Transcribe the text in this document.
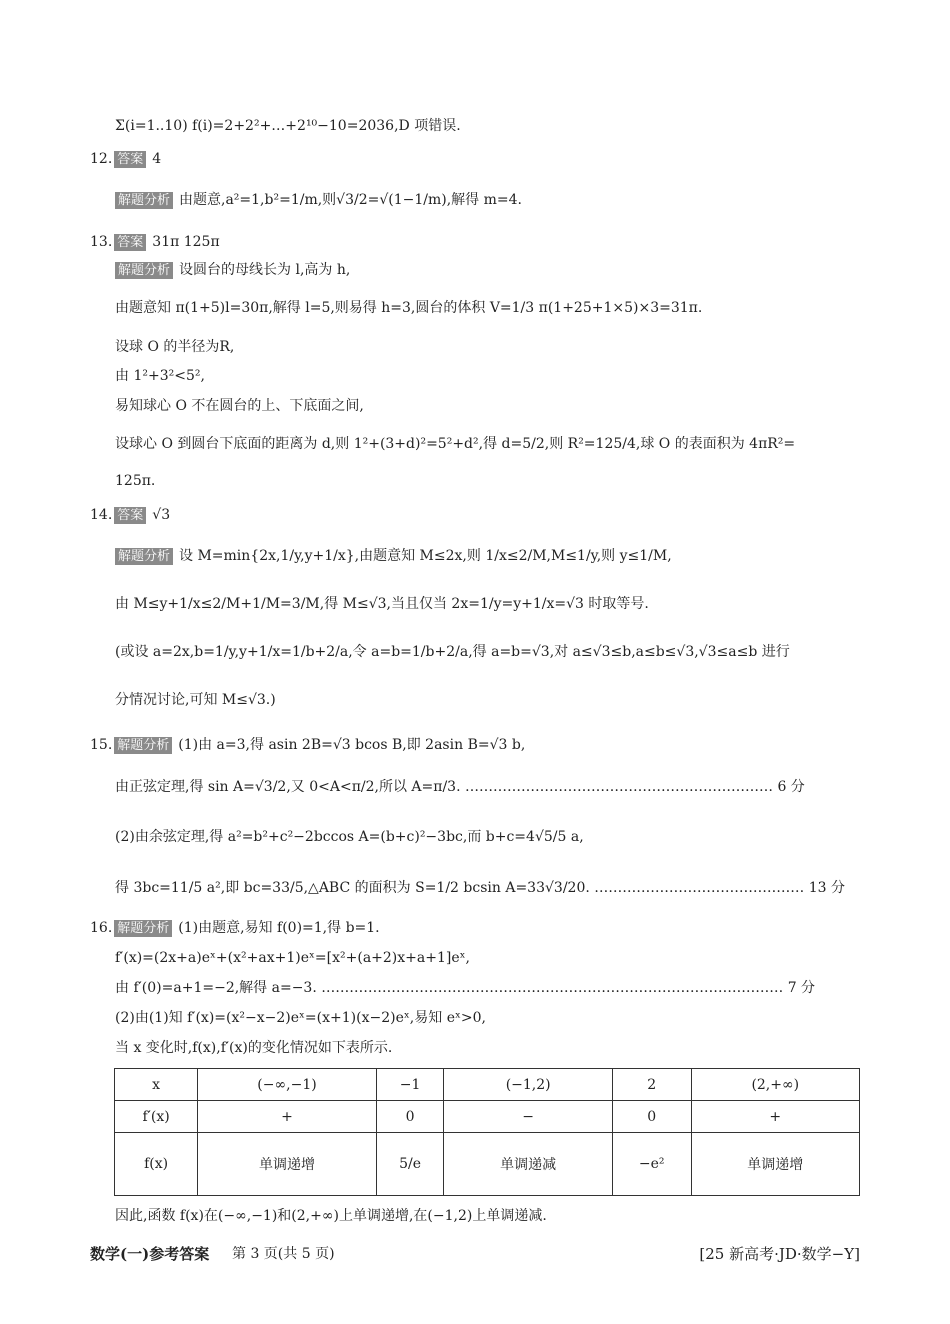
Σ(i=1..10) f(i)=2+2²+…+2¹⁰−10=2036,D 项错误.
12. 答案 4
解题分析 由题意,a²=1,b²=1/m,则√3/2=√(1−1/m),解得 m=4.
13. 答案 31π 125π
解题分析 设圆台的母线长为 l,高为 h,
由题意知 π(1+5)l=30π,解得 l=5,则易得 h=3,圆台的体积 V=1/3 π(1+25+1×5)×3=31π.
设球 O 的半径为R,
由 1²+3²<5²,
易知球心 O 不在圆台的上、下底面之间,
设球心 O 到圆台下底面的距离为 d,则 1²+(3+d)²=5²+d²,得 d=5/2,则 R²=125/4,球 O 的表面积为 4πR²=
125π.
14. 答案 √3
解题分析 设 M=min{2x,1/y,y+1/x},由题意知 M≤2x,则 1/x≤2/M,M≤1/y,则 y≤1/M,
由 M≤y+1/x≤2/M+1/M=3/M,得 M≤√3,当且仅当 2x=1/y=y+1/x=√3 时取等号.
(或设 a=2x,b=1/y,y+1/x=1/b+2/a,令 a=b=1/b+2/a,得 a=b=√3,对 a≤√3≤b,a≤b≤√3,√3≤a≤b 进行
分情况讨论,可知 M≤√3.)
15. 解题分析 (1)由 a=3,得 asin 2B=√3 bcos B,即 2asin B=√3 b,
由正弦定理,得 sin A=√3/2,又 0<A<π/2,所以 A=π/3. ………………………………………………………… 6 分
(2)由余弦定理,得 a²=b²+c²−2bccos A=(b+c)²−3bc,而 b+c=4√5/5 a,
得 3bc=11/5 a²,即 bc=33/5,△ABC 的面积为 S=1/2 bcsin A=33√3/20. ……………………………………… 13 分
16. 解题分析 (1)由题意,易知 f(0)=1,得 b=1.
f′(x)=(2x+a)eˣ+(x²+ax+1)eˣ=[x²+(a+2)x+a+1]eˣ,
由 f′(0)=a+1=−2,解得 a=−3. ……………………………………………………………………………………… 7 分
(2)由(1)知 f′(x)=(x²−x−2)eˣ=(x+1)(x−2)eˣ,易知 eˣ>0,
当 x 变化时,f(x),f′(x)的变化情况如下表所示.
x	(−∞,−1)	−1	(−1,2)	2	(2,+∞)
f′(x)	+	0	−	0	+
f(x)	单调递增	5/e	单调递减	−e²	单调递增
因此,函数 f(x)在(−∞,−1)和(2,+∞)上单调递增,在(−1,2)上单调递减.
数学(一)参考答案 第 3 页(共 5 页)	[25 新高考·JD·数学−Y]
